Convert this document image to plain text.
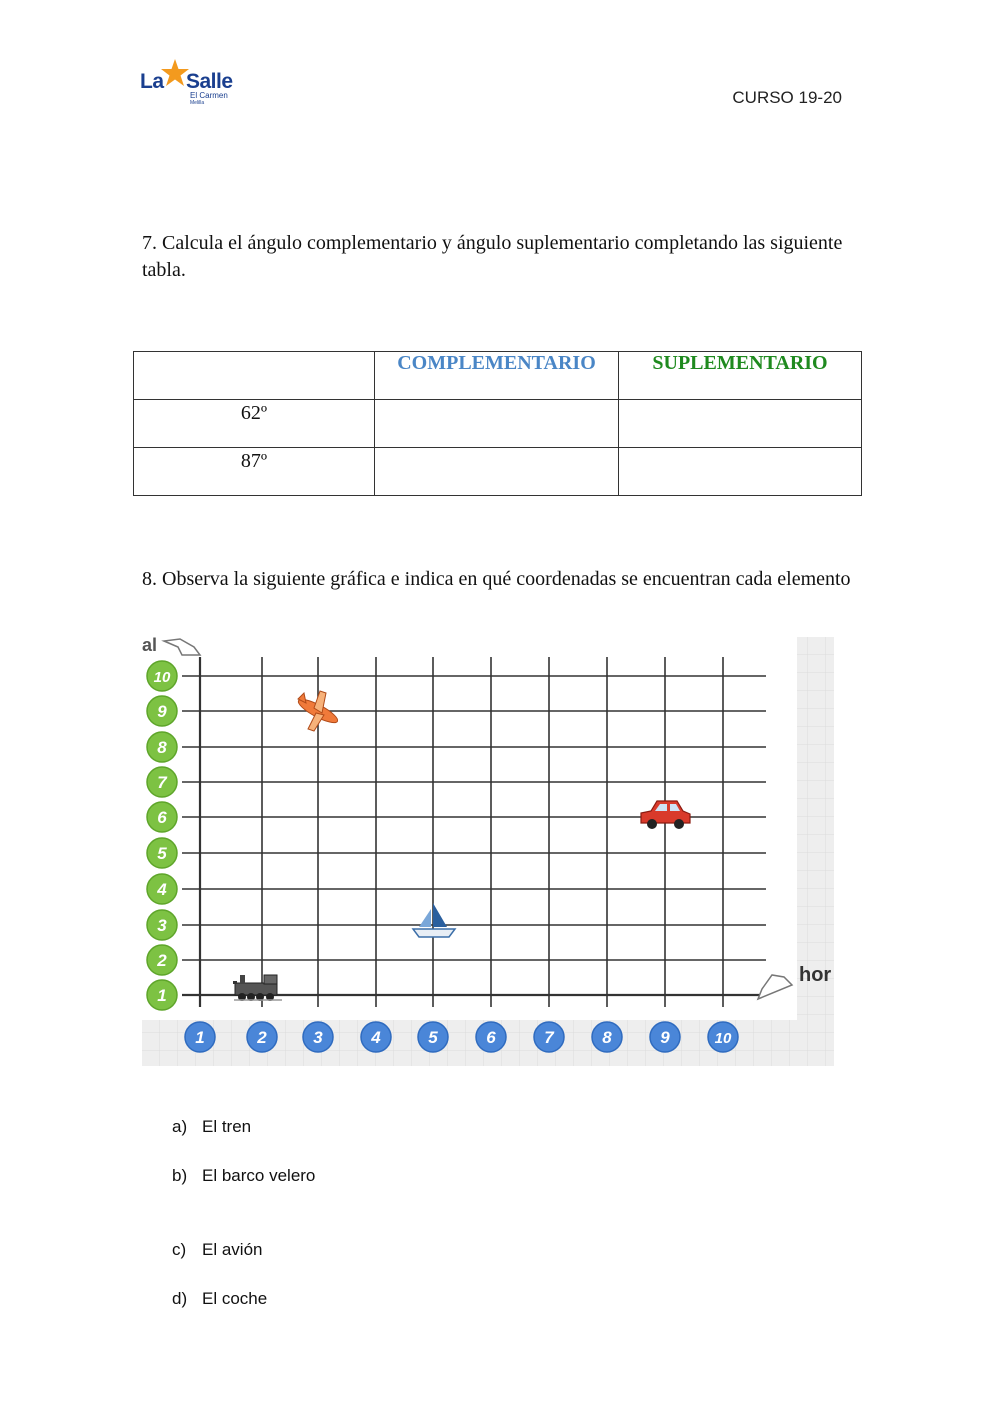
La Salle
El Carmen
Melilla	CURSO 19-20
7. Calcula el ángulo complementario y ángulo suplementario completando las siguiente tabla.
	COMPLEMENTARIO	SUPLEMENTARIO
62º		
87º		
8. Observa la siguiente gráfica e indica en qué coordenadas se encuentran cada elemento
al
hor
1
2
3
4
5
6
7
8
9
10
1	2	3	4	5	6	7	8	9	10
a) El tren
b) El barco velero
c) El avión
d) El coche
